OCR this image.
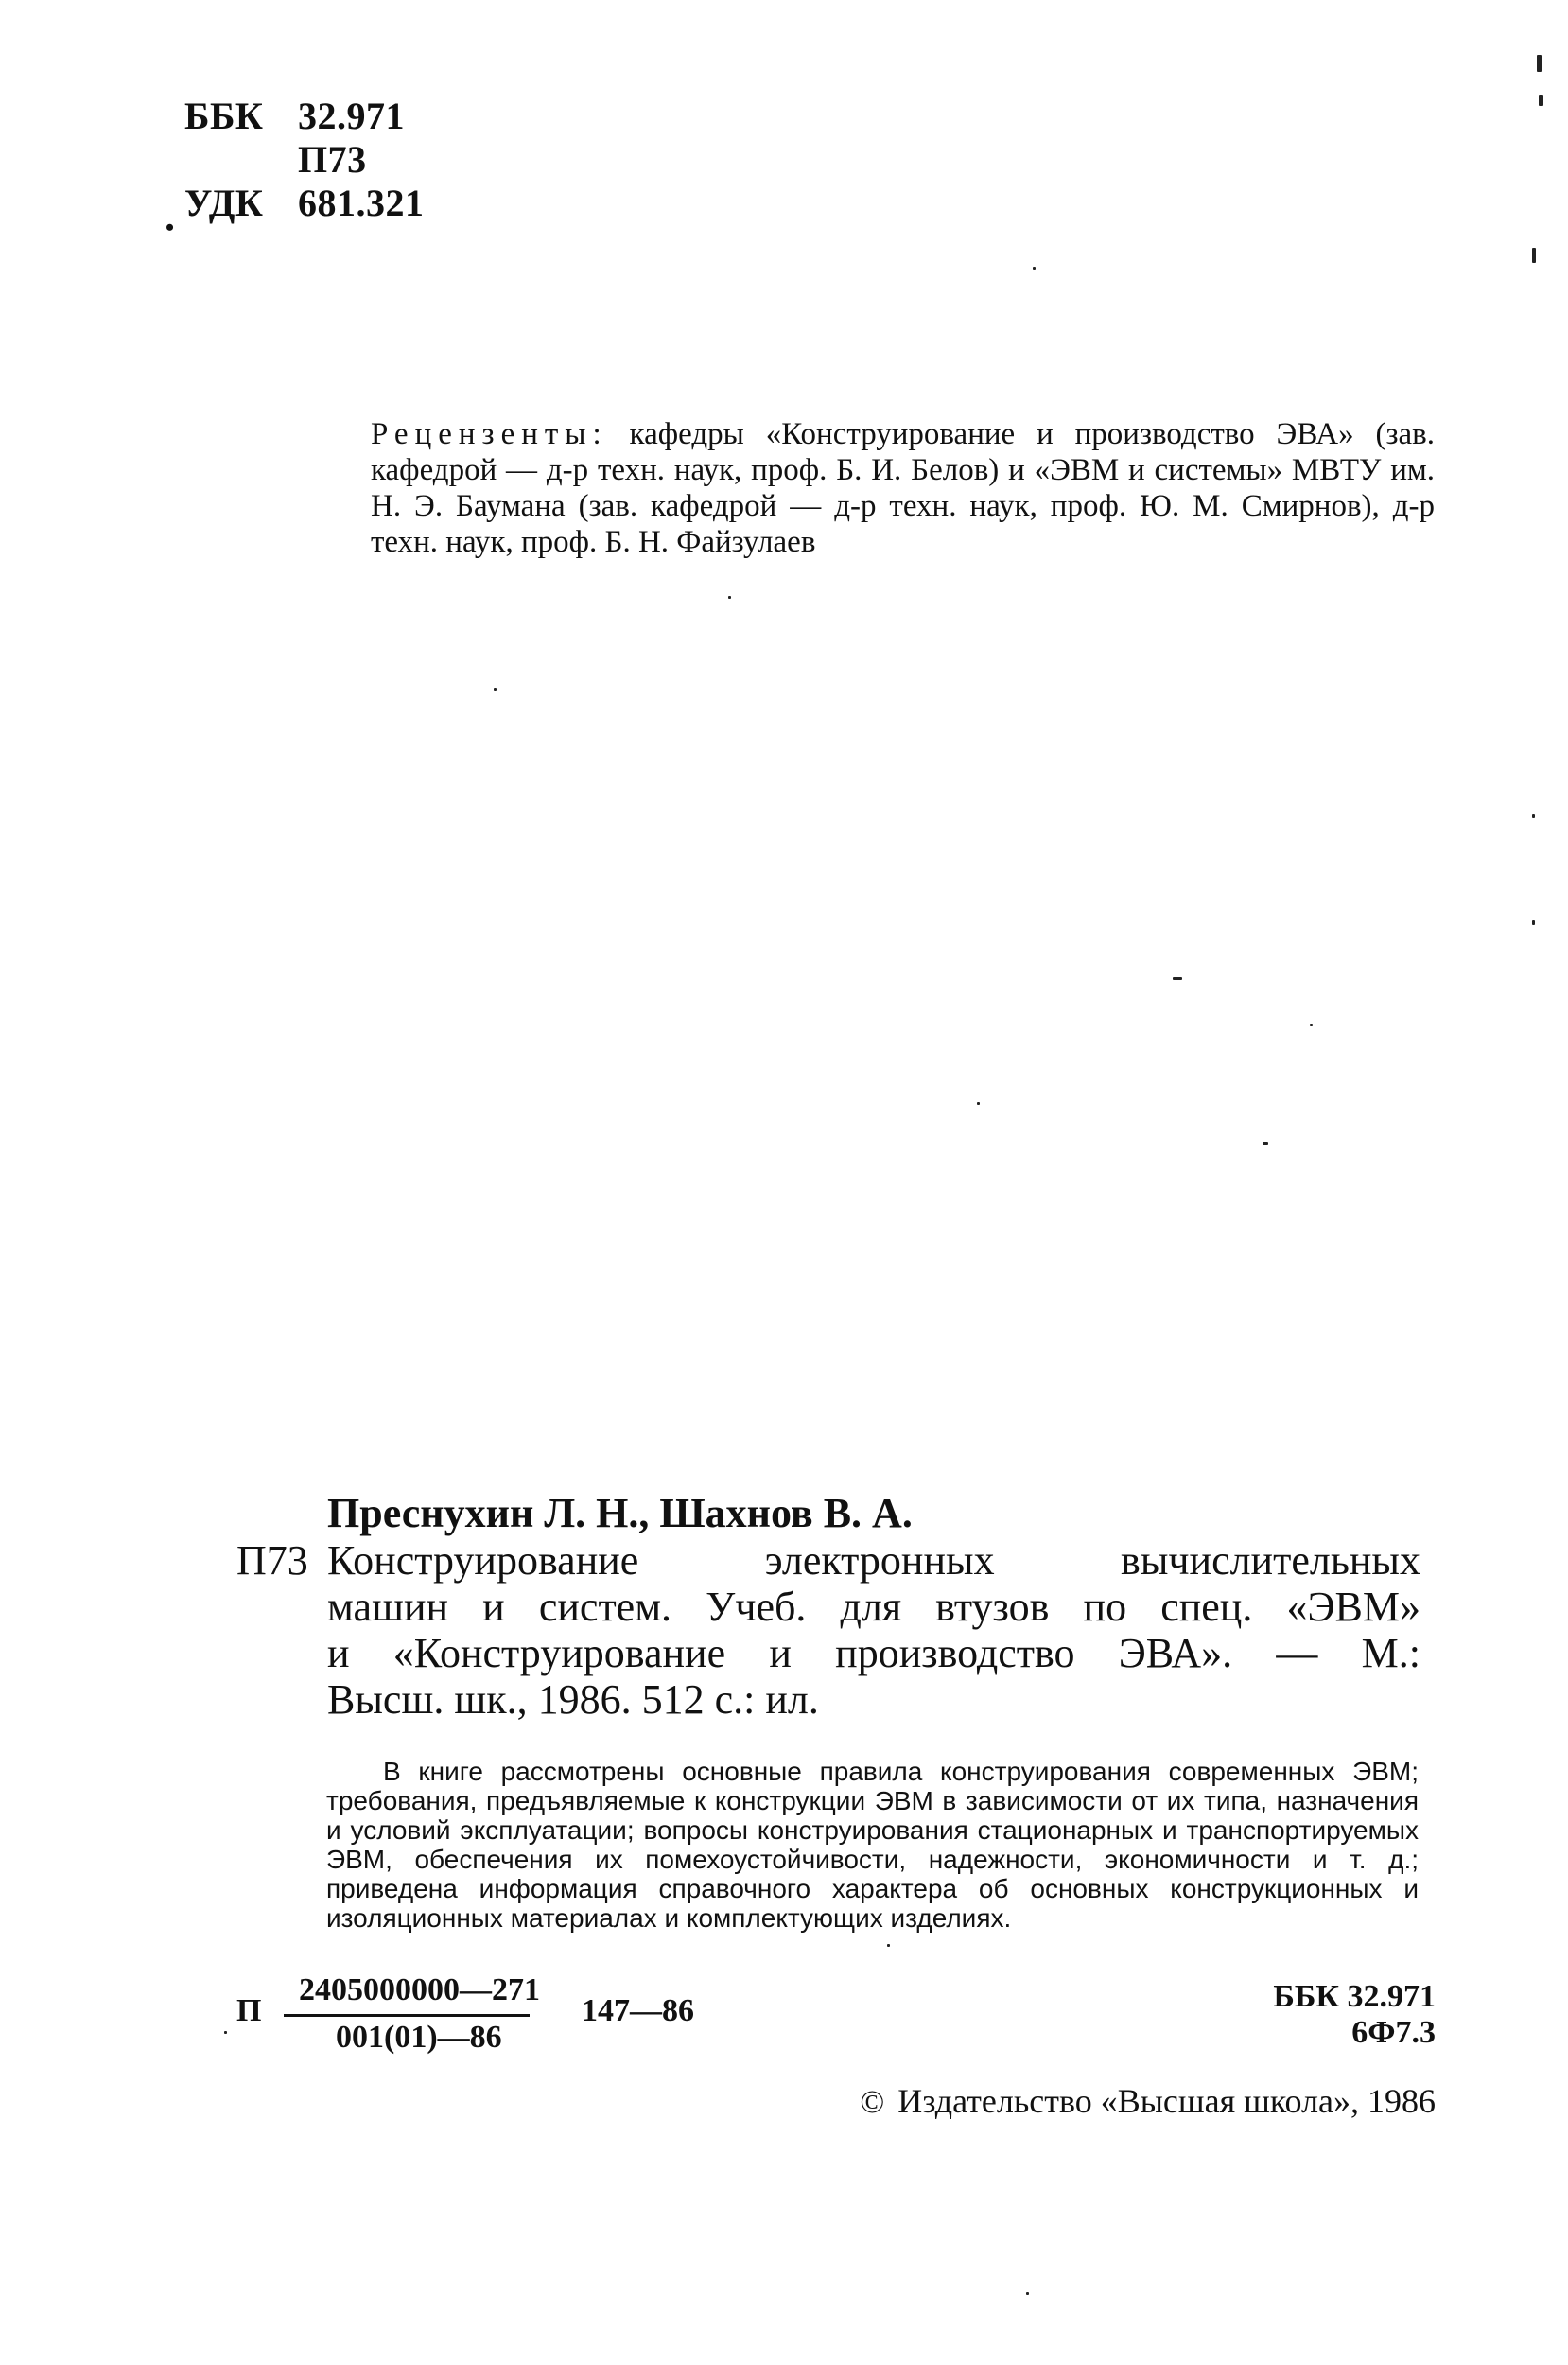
•
ББК 32.971
П73
УДК 681.321
Рецензенты: кафедры «Конструирование и производство ЭВА» (зав. кафедрой — д-р техн. наук, проф. Б. И. Белов) и «ЭВМ и системы» МВТУ им. Н. Э. Баумана (зав. кафедрой — д-р техн. наук, проф. Ю. М. Смирнов), д-р техн. наук, проф. Б. Н. Файзулаев
Преснухин Л. Н., Шахнов В. А.
П73 Конструирование электронных вычислительных
машин и систем. Учеб. для втузов по спец. «ЭВМ»
и «Конструирование и производство ЭВА». — М.:
Высш. шк., 1986. 512 с.: ил.
В книге рассмотрены основные правила конструирования современных ЭВМ; требования, предъявляемые к конструкции ЭВМ в зависимости от их типа, назначения и условий эксплуатации; вопросы конструирования стационарных и транспортируемых ЭВМ, обеспечения их помехоустойчивости, надежности, экономичности и т. д.; приведена информация справочного характера об основных конструкционных и изоляционных материалах и комплектующих изделиях.
П
2405000000—271
001(01)—86
147—86	ББК 32.971
6Ф7.3
© Издательство «Высшая школа», 1986
